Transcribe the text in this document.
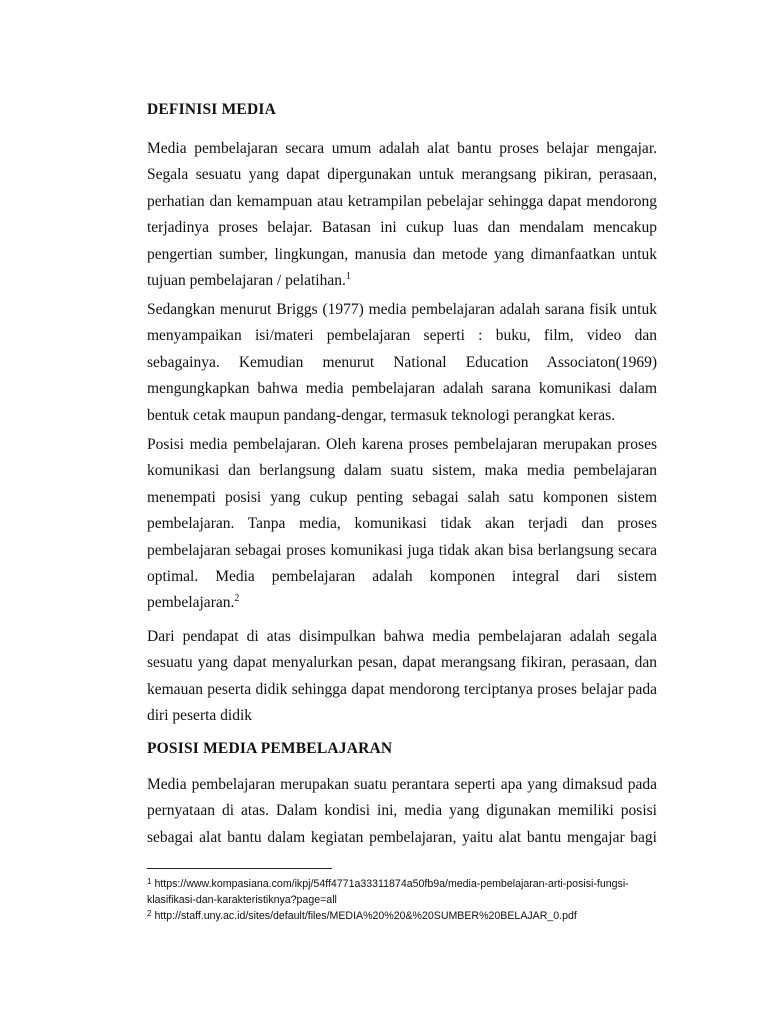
DEFINISI MEDIA

Media pembelajaran secara umum adalah alat bantu proses belajar mengajar. Segala sesuatu yang dapat dipergunakan untuk merangsang pikiran, perasaan, perhatian dan kemampuan atau ketrampilan pebelajar sehingga dapat mendorong terjadinya proses belajar. Batasan ini cukup luas dan mendalam mencakup pengertian sumber, lingkungan, manusia dan metode yang dimanfaatkan untuk tujuan pembelajaran / pelatihan.$^1$

Sedangkan menurut Briggs (1977) media pembelajaran adalah sarana fisik untuk menyampaikan isi/materi pembelajaran seperti : buku, film, video dan sebagainya. Kemudian menurut National Education Associaton(1969) mengungkapkan bahwa media pembelajaran adalah sarana komunikasi dalam bentuk cetak maupun pandang-dengar, termasuk teknologi perangkat keras.

Posisi media pembelajaran. Oleh karena proses pembelajaran merupakan proses komunikasi dan berlangsung dalam suatu sistem, maka media pembelajaran menempati posisi yang cukup penting sebagai salah satu komponen sistem pembelajaran. Tanpa media, komunikasi tidak akan terjadi dan proses pembelajaran sebagai proses komunikasi juga tidak akan bisa berlangsung secara optimal. Media pembelajaran adalah komponen integral dari sistem pembelajaran.$^2$

Dari pendapat di atas disimpulkan bahwa media pembelajaran adalah segala sesuatu yang dapat menyalurkan pesan, dapat merangsang fikiran, perasaan, dan kemauan peserta didik sehingga dapat mendorong terciptanya proses belajar pada diri peserta didik

POSISI MEDIA PEMBELAJARAN

Media pembelajaran merupakan suatu perantara seperti apa yang dimaksud pada pernyataan di atas. Dalam kondisi ini, media yang digunakan memiliki posisi sebagai alat bantu dalam kegiatan pembelajaran, yaitu alat bantu mengajar bagi

$^1$ https://www.kompasiana.com/ikpj/54ff4771a33311874a50fb9a/media-pembelajaran-arti-posisi-fungsi-klasifikasi-dan-karakteristiknya?page=all

$^2$ http://staff.uny.ac.id/sites/default/files/MEDIA%20%20&%20SUMBER%20BELAJAR_0.pdf
